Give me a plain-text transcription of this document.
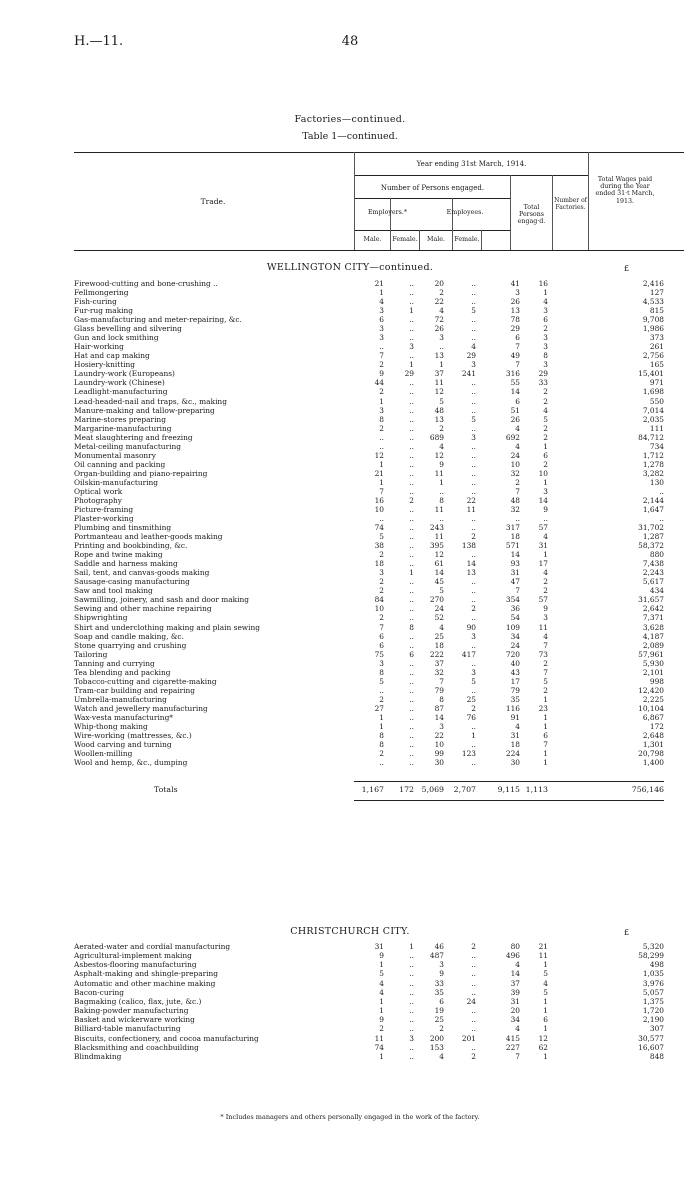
H.—11.	48
Factories—continued.
Table 1—continued.
Trade.
Year ending 31st March, 1914.
Number of Persons engaged.
Employers.*	Employees.
Male.	Female.	Male.	Female.
Total Persons engag·d.
Number of Factories.
Total Wages paid during the Year ended 31·t March, 1913.
WELLINGTON CITY—continued.	£
Firewood-cutting and bone-crushing ..	21	..	20	..	41	16	2,416
Fellmongering	1	..	2	..	3	1	127
Fish-curing	4	..	22	..	26	4	4,533
Fur-rug making	3	1	4	5	13	3	815
Gas-manufacturing and meter-repairing, &c.	6	..	72	..	78	6	9,708
Glass bevelling and silvering	3	..	26	..	29	2	1,986
Gun and lock smithing	3	..	3	..	6	3	373
Hair-working	..	3	..	4	7	3	261
Hat and cap making	7	..	13	29	49	8	2,756
Hosiery-knitting	2	1	1	3	7	3	165
Laundry-work (Europeans)	9	29	37	241	316	29	15,401
Laundry-work (Chinese)	44	..	11	..	55	33	971
Leadlight-manufacturing	2	..	12	..	14	2	1,698
Lead-headed-nail and traps, &c., making	1	..	5	..	6	2	550
Manure-making and tallow-preparing	3	..	48	..	51	4	7,014
Marine-stores preparing	8	..	13	5	26	5	2,035
Margarine-manufacturing	2	..	2	..	4	2	111
Meat slaughtering and freezing	..	..	689	3	692	2	84,712
Metal-ceiling manufacturing	..	..	4	..	4	1	734
Monumental masonry	12	..	12	..	24	6	1,712
Oil canning and packing	1	..	9	..	10	2	1,278
Organ-building and piano-repairing	21	..	11	..	32	10	3,282
Oilskin-manufacturing	1	..	1	..	2	1	130
Optical work	7	..	..	..	7	3	..
Photography	16	2	8	22	48	14	2,144
Picture-framing	10	..	11	11	32	9	1,647
Plaster-working	..	..	..	..	..	..	..
Plumbing and tinsmithing	74	..	243	..	317	57	31,702
Portmanteau and leather-goods making	5	..	11	2	18	4	1,287
Printing and bookbinding, &c.	38	..	395	138	571	31	58,372
Rope and twine making	2	..	12	..	14	1	880
Saddle and harness making	18	..	61	14	93	17	7,438
Sail, tent, and canvas-goods making	3	1	14	13	31	4	2,243
Sausage-casing manufacturing	2	..	45	..	47	2	5,617
Saw and tool making	2	..	5	..	7	2	434
Sawmilling, joinery, and sash and door making	84	..	270	..	354	57	31,657
Sewing and other machine repairing	10	..	24	2	36	9	2,642
Shipwrighting	2	..	52	..	54	3	7,371
Shirt and underclothing making and plain sewing	7	8	4	90	109	11	3,628
Soap and candle making, &c.	6	..	25	3	34	4	4,187
Stone quarrying and crushing	6	..	18	..	24	7	2,089
Tailoring	75	6	222	417	720	73	57,961
Tanning and currying	3	..	37	..	40	2	5,930
Tea blending and packing	8	..	32	3	43	7	2,101
Tobacco-cutting and cigarette-making	5	..	7	5	17	5	998
Tram-car building and repairing	..	..	79	..	79	2	12,420
Umbrella-manufacturing	2	..	8	25	35	1	2,225
Watch and jewellery manufacturing	27	..	87	2	116	23	10,104
Wax-vesta manufacturing*	1	..	14	76	91	1	6,867
Whip-thong making	1	..	3	..	4	1	172
Wire-working (mattresses, &c.)	8	..	22	1	31	6	2,648
Wood carving and turning	8	..	10	..	18	7	1,301
Woollen-milling	2	..	99	123	224	1	20,798
Wool and hemp, &c., dumping	..	..	30	..	30	1	1,400
Totals	1,167	172 5,069	2,707	9,115 1,113	756,146
CHRISTCHURCH CITY.	£
Aerated-water and cordial manufacturing	31	1	46	2	80	21	5,320
Agricultural-implement making	9	..	487	..	496	11	58,299
Asbestos-flooring manufacturing	1	..	3	..	4	1	498
Asphalt-making and shingle-preparing	5	..	9	..	14	5	1,035
Automatic and other machine making	4	..	33	..	37	4	3,976
Bacon-curing	4	..	35	..	39	5	5,057
Bagmaking (calico, flax, jute, &c.)	1	..	6	24	31	1	1,375
Baking-powder manufacturing	1	..	19	..	20	1	1,720
Basket and wickerware working	9	..	25	..	34	6	2,190
Billiard-table manufacturing	2	..	2	..	4	1	307
Biscuits, confectionery, and cocoa manufacturing	11	3	200	201	415	12	30,577
Blacksmithing and coachbuilding	74	..	153	..	227	62	16,607
Blindmaking	1	..	4	2	7	1	848
* Includes managers and others personally engaged in the work of the factory.
